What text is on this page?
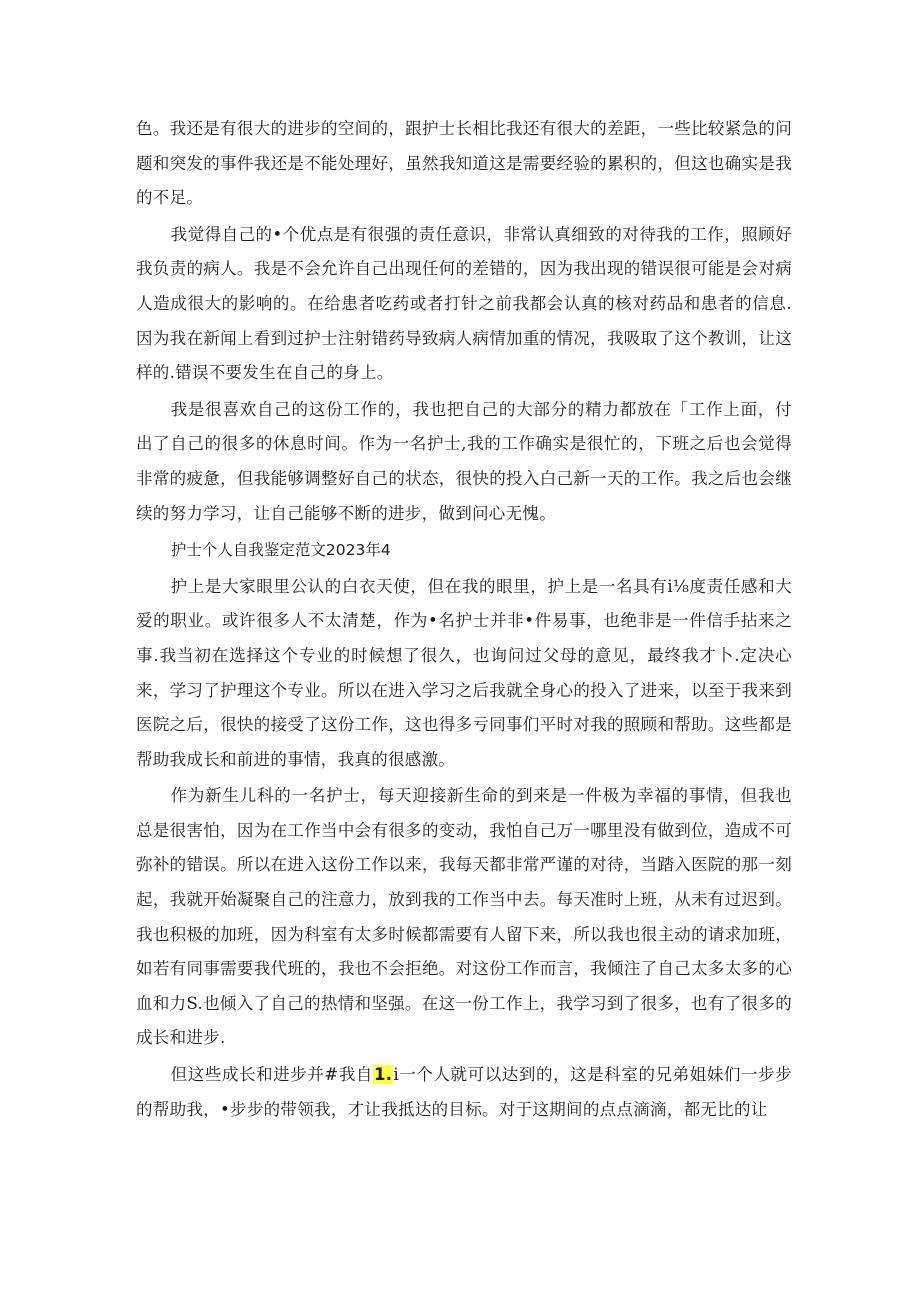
色。我还是有很大的进步的空间的，跟护士长相比我还有很大的差距，一些比较紧急的问题和突发的事件我还是不能处理好，虽然我知道这是需要经验的累积的，但这也确实是我的不足。

我觉得自己的•个优点是有很强的责任意识，非常认真细致的对待我的工作，照顾好我负责的病人。我是不会允许自己出现任何的差错的，因为我出现的错误很可能是会对病人造成很大的影响的。在给患者吃药或者打针之前我都会认真的核对药品和患者的信息.因为我在新闻上看到过护士注射错药导致病人病情加重的情况，我吸取了这个教训，让这样的.错误不要发生在自己的身上。

我是很喜欢自己的这份工作的，我也把自己的大部分的精力都放在「工作上面，付出了自己的很多的休息时间。作为一名护士,我的工作确实是很忙的，下班之后也会觉得非常的疲惫，但我能够调整好自己的状态，很快的投入白己新一天的工作。我之后也会继续的努力学习，让自己能够不断的进步，做到问心无愧。

护士个人自我鉴定范文2023年4

护上是大家眼里公认的白衣天使，但在我的眼里，护上是一名具有i⅛度责任感和大爱的职业。或许很多人不太清楚，作为•名护士并非•件易事，也绝非是一件信手拈来之事.我当初在选择这个专业的时候想了很久，也询问过父母的意见，最终我才卜.定决心来，学习了护理这个专业。所以在进入学习之后我就全身心的投入了进来，以至于我来到医院之后，很快的接受了这份工作，这也得多亏同事们平时对我的照顾和帮助。这些都是帮助我成长和前进的事情，我真的很感激。

作为新生儿科的一名护士，每天迎接新生命的到来是一件极为幸福的事情，但我也总是很害怕，因为在工作当中会有很多的变动，我怕自己万一哪里没有做到位，造成不可弥补的错误。所以在进入这份工作以来，我每天都非常严谨的对待，当踏入医院的那一刻起，我就开始凝聚自己的注意力，放到我的工作当中去。每天准时上班，从未有过迟到。我也积极的加班，因为科室有太多时候都需要有人留下来，所以我也很主动的请求加班，如若有同事需要我代班的，我也不会拒绝。对这份工作而言，我倾注了自己太多太多的心血和力S.也倾入了自己的热情和坚强。在这一份工作上，我学习到了很多，也有了很多的成长和进步.

但这些成长和进步并#我自1.i一个人就可以达到的，这是科室的兄弟姐妹们一步步的帮助我，•步步的带领我，才让我抵达的目标。对于这期间的点点滴滴，都无比的让
